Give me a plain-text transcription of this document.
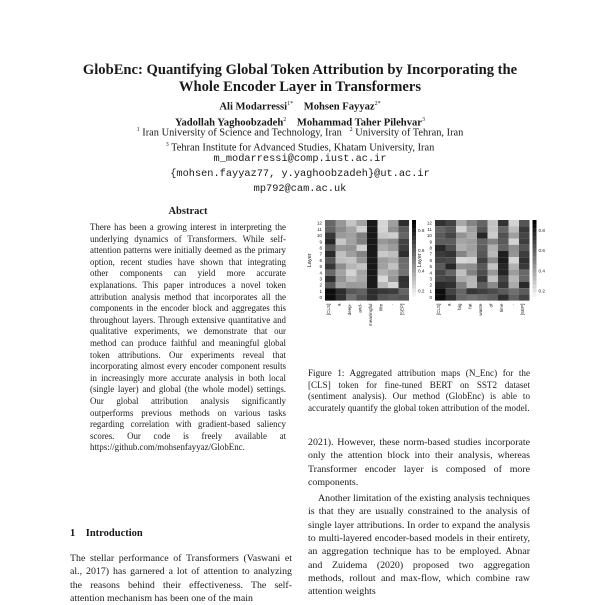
GlobEnc: Quantifying Global Token Attribution by Incorporating the
Whole Encoder Layer in Transformers
Ali Modarressi$^{1*}$ Mohsen Fayyaz$^{2*}$
Yadollah Yaghoobzadeh$^2$ Mohammad Taher Pilehvar$^3$
$^1$ Iran University of Science and Technology, Iran $^2$ University of Tehran, Iran
$^3$ Tehran Institute for Advanced Studies, Khatam University, Iran
m_modarressi@comp.iust.ac.ir
{mohsen.fayyaz77, y.yaghoobzadeh}@ut.ac.ir
mp792@cam.ac.uk
Abstract

There has been a growing interest in interpreting the underlying dynamics of Transformers. While self-attention patterns were initially deemed as the primary option, recent studies have shown that integrating other components can yield more accurate explanations. This paper introduces a novel token attribution analysis method that incorporates all the components in the encoder block and aggregates this throughout layers. Through extensive quantitative and qualitative experiments, we demonstrate that our method can produce faithful and meaningful global token attributions. Our experiments reveal that incorporating almost every encoder component results in increasingly more accurate analysis in both local (single layer) and global (the whole model) settings. Our global attribution analysis significantly outperforms previous methods on various tasks regarding correlation with gradient-based saliency scores. Our code is freely available at https://github.com/mohsenfayyaz/GlobEnc.

Layer
12
11
10
9
8
7
6
5
4
3
2
1
0
[CLS] a deep- and- meaningful film . [SEP]
0.8
0.6
0.4
0.2
Layer
12
11
10
9
8
7
6
5
4
3
2
1
0
[CLS] a big fat waste of time . [SEP]
0.8
0.6
0.4
0.2
Figure 1: Aggregated attribution maps (N_Enc) for the [CLS] token for fine-tuned BERT on SST2 dataset (sentiment analysis). Our method (GlobEnc) is able to accurately quantify the global token attribution of the model.

2021). However, these norm-based studies incorporate only the attention block into their analysis, whereas Transformer encoder layer is composed of more components.

Another limitation of the existing analysis techniques is that they are usually constrained to the analysis of single layer attributions. In order to expand the analysis to multi-layered encoder-based models in their entirety, an aggregation technique has to be employed. Abnar and Zuidema (2020) proposed two aggregation methods, rollout and max-flow, which combine raw attention weights

1 Introduction

The stellar performance of Transformers (Vaswani et al., 2017) has garnered a lot of attention to analyzing the reasons behind their effectiveness. The self-attention mechanism has been one of the main
